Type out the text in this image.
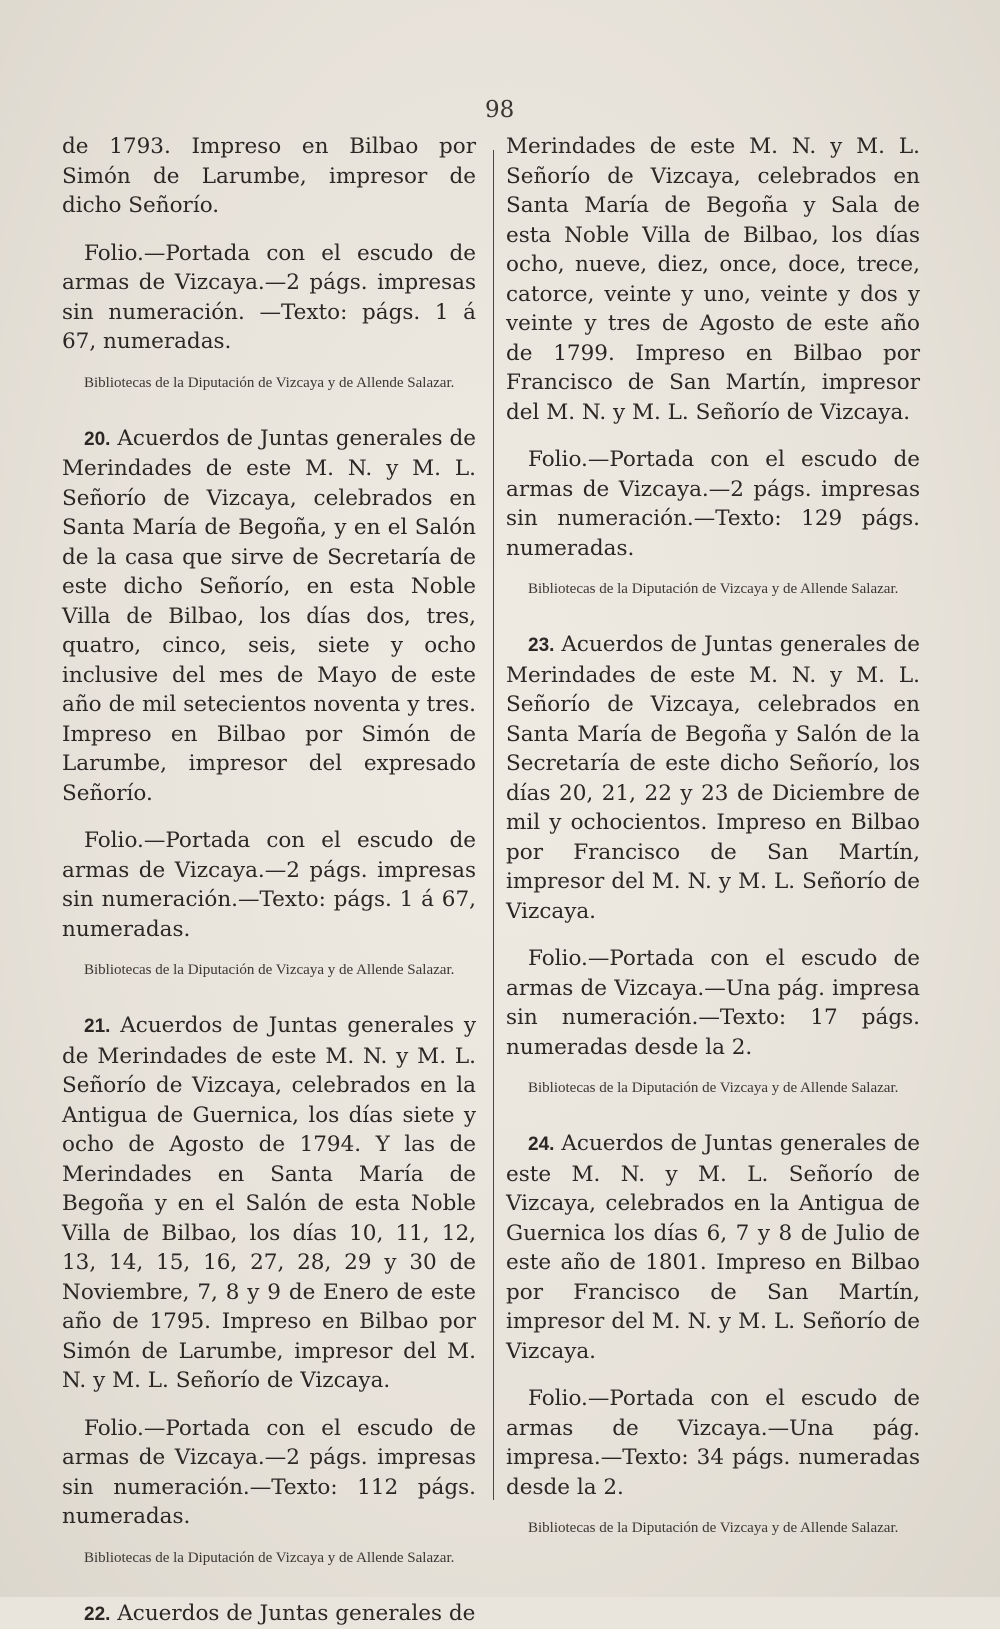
98

de 1793. Impreso en Bilbao por Simón de Larumbe, impresor de dicho Señorío.

Folio.—Portada con el escudo de armas de Vizcaya.—2 págs. impresas sin numeración. —Texto: págs. 1 á 67, numeradas.

Bibliotecas de la Diputación de Vizcaya y de Allende Salazar.

20. Acuerdos de Juntas generales de Merindades de este M. N. y M. L. Señorío de Vizcaya, celebrados en Santa María de Begoña, y en el Salón de la casa que sirve de Secretaría de este dicho Señorío, en esta Noble Villa de Bilbao, los días dos, tres, quatro, cinco, seis, siete y ocho inclusive del mes de Mayo de este año de mil setecientos noventa y tres. Impreso en Bilbao por Simón de Larumbe, impresor del expresado Señorío.

Folio.—Portada con el escudo de armas de Vizcaya.—2 págs. impresas sin numeración.—Texto: págs. 1 á 67, numeradas.

Bibliotecas de la Diputación de Vizcaya y de Allende Salazar.

21. Acuerdos de Juntas generales y de Merindades de este M. N. y M. L. Señorío de Vizcaya, celebrados en la Antigua de Guernica, los días siete y ocho de Agosto de 1794. Y las de Merindades en Santa María de Begoña y en el Salón de esta Noble Villa de Bilbao, los días 10, 11, 12, 13, 14, 15, 16, 27, 28, 29 y 30 de Noviembre, 7, 8 y 9 de Enero de este año de 1795. Impreso en Bilbao por Simón de Larumbe, impresor del M. N. y M. L. Señorío de Vizcaya.

Folio.—Portada con el escudo de armas de Vizcaya.—2 págs. impresas sin numeración.—Texto: 112 págs. numeradas.

Bibliotecas de la Diputación de Vizcaya y de Allende Salazar.

22. Acuerdos de Juntas generales de

Merindades de este M. N. y M. L. Señorío de Vizcaya, celebrados en Santa María de Begoña y Sala de esta Noble Villa de Bilbao, los días ocho, nueve, diez, once, doce, trece, catorce, veinte y uno, veinte y dos y veinte y tres de Agosto de este año de 1799. Impreso en Bilbao por Francisco de San Martín, impresor del M. N. y M. L. Señorío de Vizcaya.

Folio.—Portada con el escudo de armas de Vizcaya.—2 págs. impresas sin numeración.—Texto: 129 págs. numeradas.

Bibliotecas de la Diputación de Vizcaya y de Allende Salazar.

23. Acuerdos de Juntas generales de Merindades de este M. N. y M. L. Señorío de Vizcaya, celebrados en Santa María de Begoña y Salón de la Secretaría de este dicho Señorío, los días 20, 21, 22 y 23 de Diciembre de mil y ochocientos. Impreso en Bilbao por Francisco de San Martín, impresor del M. N. y M. L. Señorío de Vizcaya.

Folio.—Portada con el escudo de armas de Vizcaya.—Una pág. impresa sin numeración.—Texto: 17 págs. numeradas desde la 2.

Bibliotecas de la Diputación de Vizcaya y de Allende Salazar.

24. Acuerdos de Juntas generales de este M. N. y M. L. Señorío de Vizcaya, celebrados en la Antigua de Guernica los días 6, 7 y 8 de Julio de este año de 1801. Impreso en Bilbao por Francisco de San Martín, impresor del M. N. y M. L. Señorío de Vizcaya.

Folio.—Portada con el escudo de armas de Vizcaya.—Una pág. impresa.—Texto: 34 págs. numeradas desde la 2.

Bibliotecas de la Diputación de Vizcaya y de Allende Salazar.
